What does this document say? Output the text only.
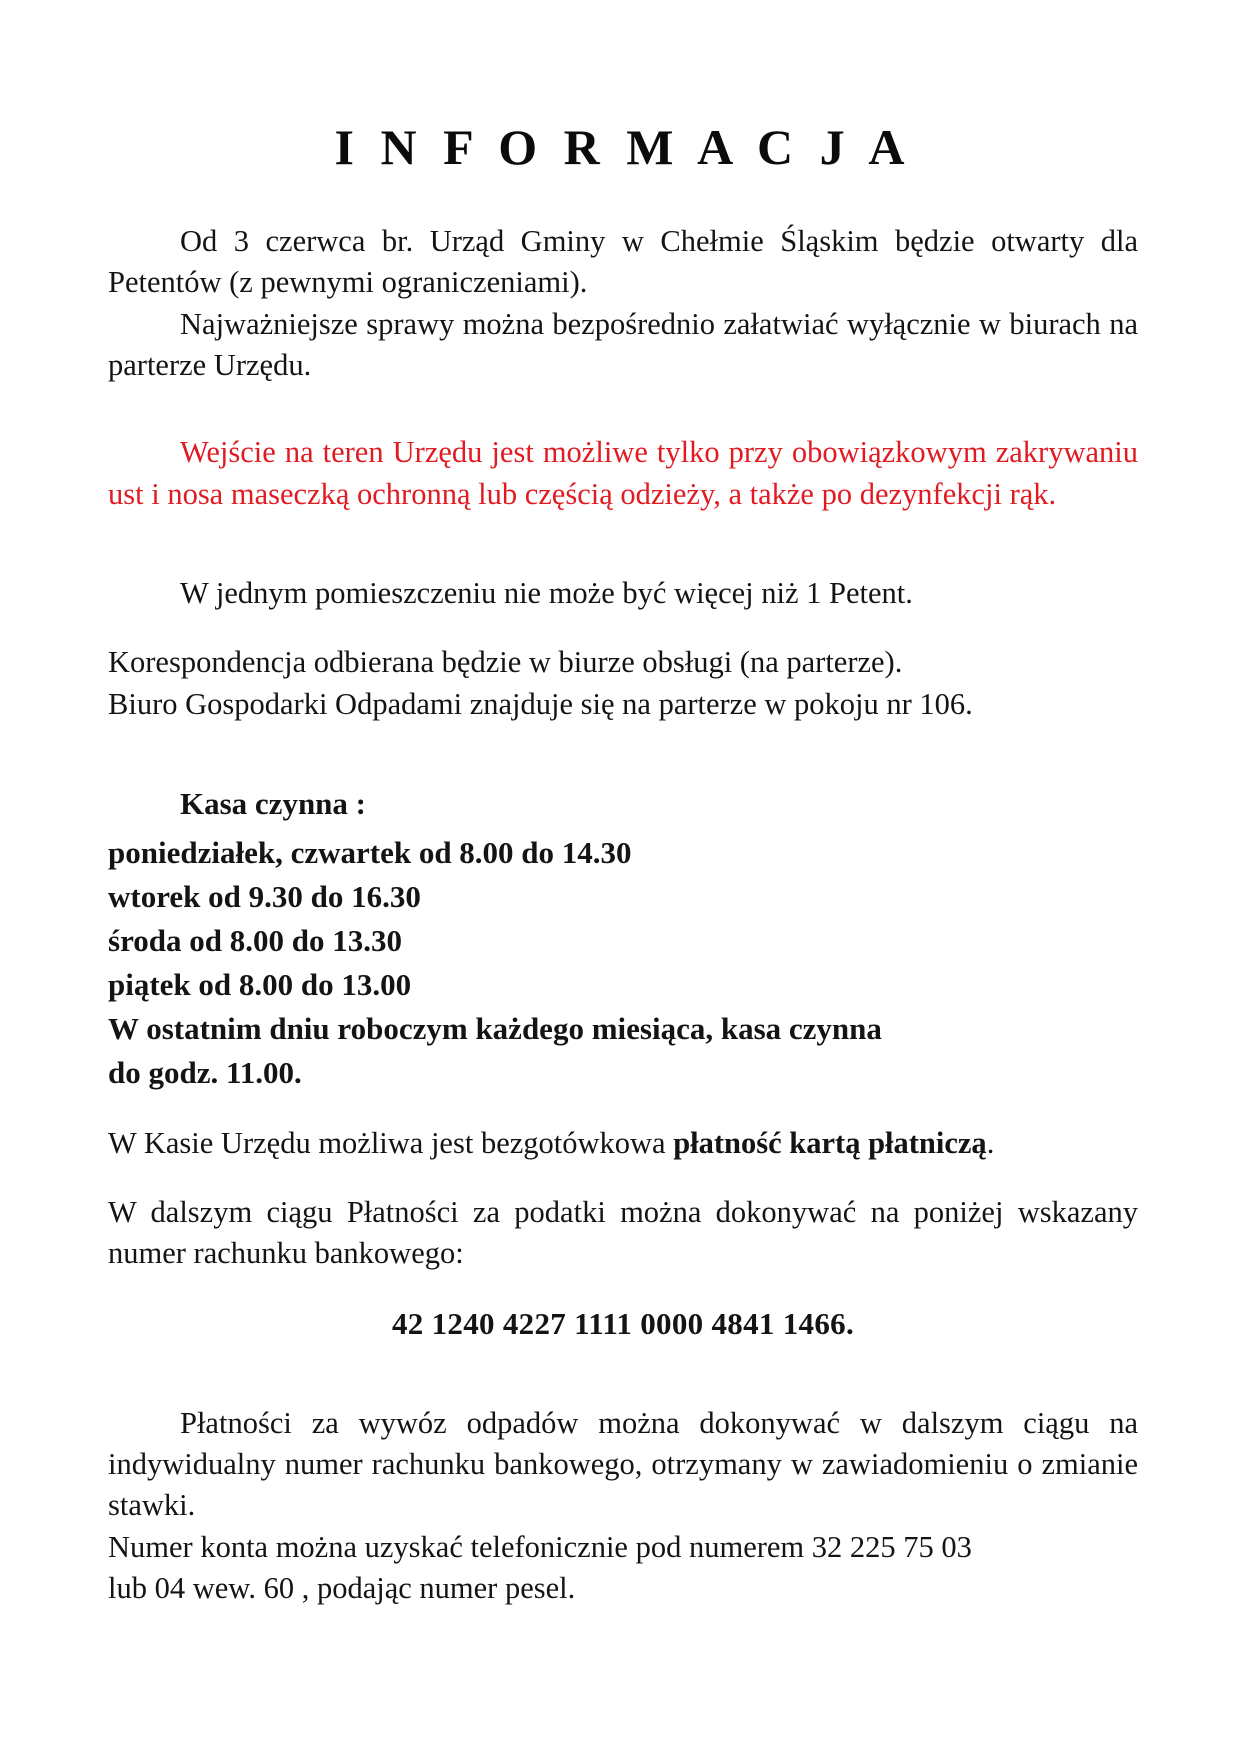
I N F O R M A C J A

Od 3 czerwca br. Urząd Gminy w Chełmie Śląskim będzie otwarty dla Petentów (z pewnymi ograniczeniami).

Najważniejsze sprawy można bezpośrednio załatwiać wyłącznie w biurach na parterze Urzędu.

Wejście na teren Urzędu jest możliwe tylko przy obowiązkowym zakrywaniu ust i nosa maseczką ochronną lub częścią odzieży, a także po dezynfekcji rąk.

W jednym pomieszczeniu nie może być więcej niż 1 Petent.

Korespondencja odbierana będzie w biurze obsługi (na parterze).

Biuro Gospodarki Odpadami znajduje się na parterze w pokoju nr 106.

Kasa czynna :

poniedziałek, czwartek od 8.00 do 14.30

wtorek od 9.30 do 16.30

środa od 8.00 do 13.30

piątek od 8.00 do 13.00

W ostatnim dniu roboczym każdego miesiąca, kasa czynna

do godz. 11.00.

W Kasie Urzędu możliwa jest bezgotówkowa płatność kartą płatniczą.

W dalszym ciągu Płatności za podatki można dokonywać na poniżej wskazany numer rachunku bankowego:

42 1240 4227 1111 0000 4841 1466.

Płatności za wywóz odpadów można dokonywać w dalszym ciągu na indywidualny numer rachunku bankowego, otrzymany w zawiadomieniu o zmianie stawki.

Numer konta można uzyskać telefonicznie pod numerem 32 225 75 03

lub 04 wew. 60 , podając numer pesel.
